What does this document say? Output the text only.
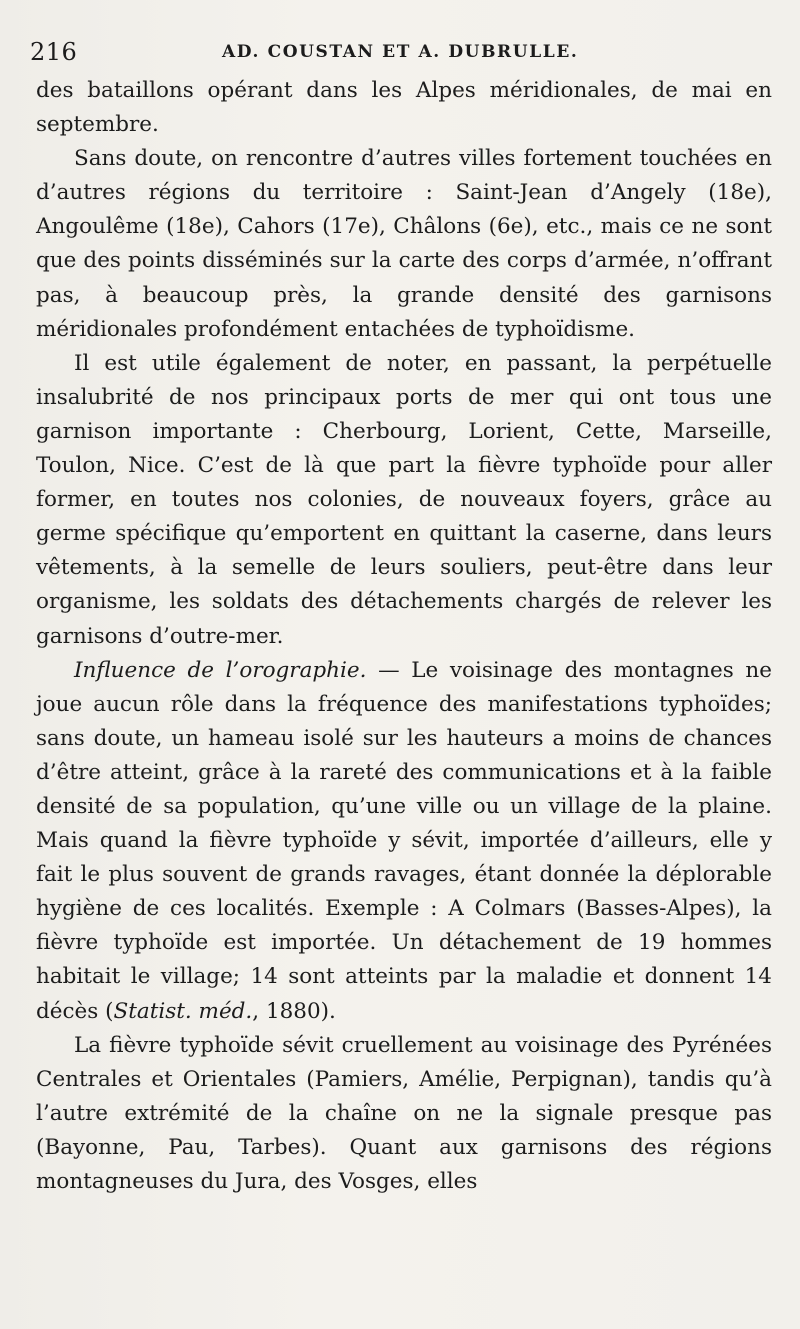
216	AD. COUSTAN ET A. DUBRULLE.

des bataillons opérant dans les Alpes méridionales, de mai en septembre.

Sans doute, on rencontre d’autres villes fortement touchées en d’autres régions du territoire : Saint-Jean d’Angely (18e), Angoulême (18e), Cahors (17e), Châlons (6e), etc., mais ce ne sont que des points disséminés sur la carte des corps d’armée, n’offrant pas, à beaucoup près, la grande densité des garnisons méridionales profondément entachées de typhoïdisme.

Il est utile également de noter, en passant, la perpétuelle insalubrité de nos principaux ports de mer qui ont tous une garnison importante : Cherbourg, Lorient, Cette, Marseille, Toulon, Nice. C’est de là que part la fièvre typhoïde pour aller former, en toutes nos colonies, de nouveaux foyers, grâce au germe spécifique qu’emportent en quittant la caserne, dans leurs vêtements, à la semelle de leurs souliers, peut-être dans leur organisme, les soldats des détachements chargés de relever les garnisons d’outre-mer.

Influence de l’orographie. — Le voisinage des montagnes ne joue aucun rôle dans la fréquence des manifestations typhoïdes; sans doute, un hameau isolé sur les hauteurs a moins de chances d’être atteint, grâce à la rareté des communications et à la faible densité de sa population, qu’une ville ou un village de la plaine. Mais quand la fièvre typhoïde y sévit, importée d’ailleurs, elle y fait le plus souvent de grands ravages, étant donnée la déplorable hygiène de ces localités. Exemple : A Colmars (Basses-Alpes), la fièvre typhoïde est importée. Un détachement de 19 hommes habitait le village; 14 sont atteints par la maladie et donnent 14 décès (Statist. méd., 1880).

La fièvre typhoïde sévit cruellement au voisinage des Pyrénées Centrales et Orientales (Pamiers, Amélie, Perpignan), tandis qu’à l’autre extrémité de la chaîne on ne la signale presque pas (Bayonne, Pau, Tarbes). Quant aux garnisons des régions montagneuses du Jura, des Vosges, elles
